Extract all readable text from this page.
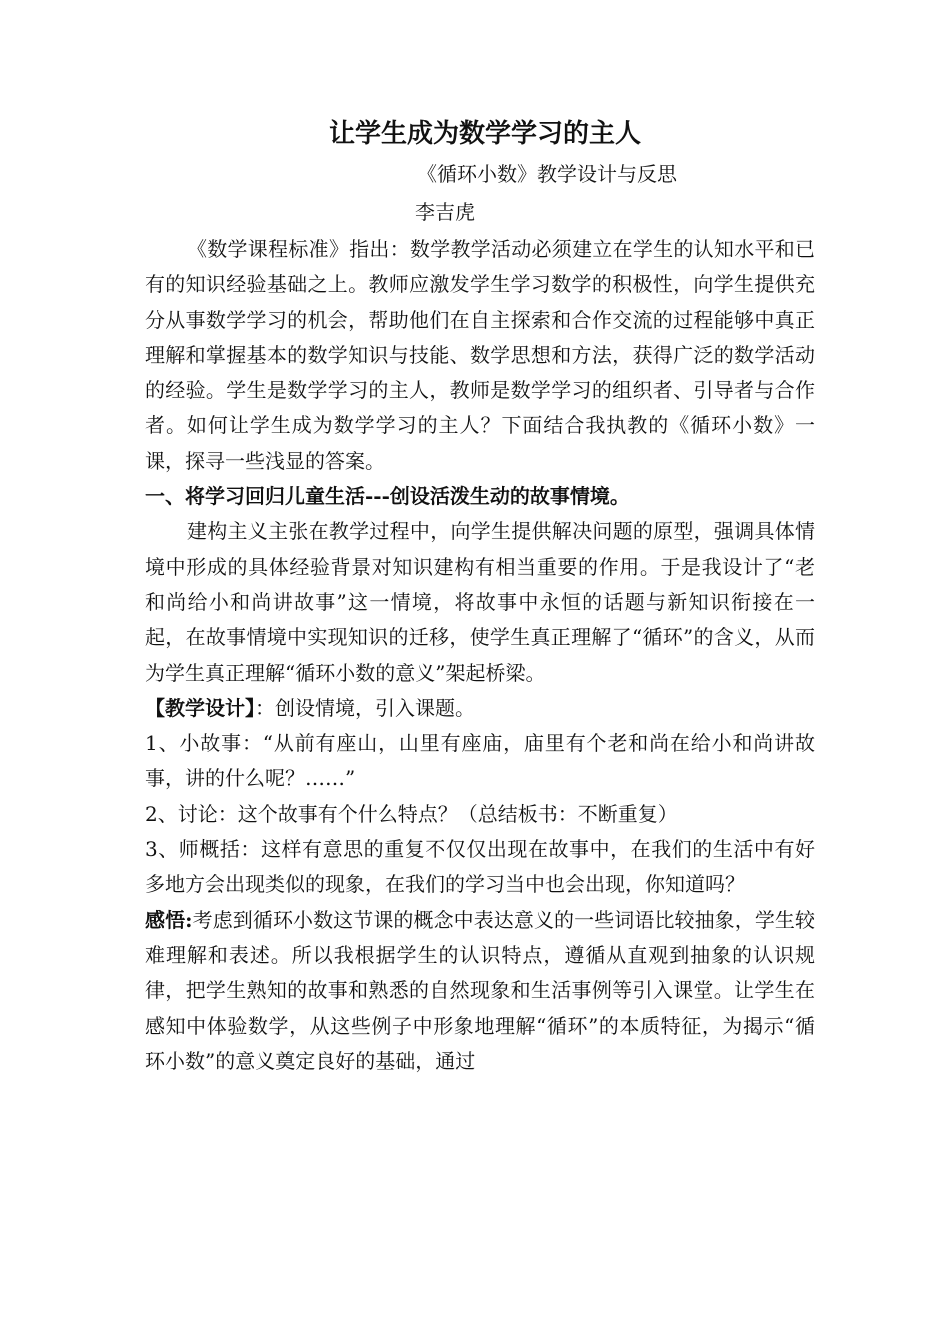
让学生成为数学学习的主人
《循环小数》教学设计与反思
李吉虎

《数学课程标准》指出：数学教学活动必须建立在学生的认知水平和已有的知识经验基础之上。教师应激发学生学习数学的积极性，向学生提供充分从事数学学习的机会，帮助他们在自主探索和合作交流的过程能够中真正理解和掌握基本的数学知识与技能、数学思想和方法，获得广泛的数学活动的经验。学生是数学学习的主人，教师是数学学习的组织者、引导者与合作者。如何让学生成为数学学习的主人？下面结合我执教的《循环小数》一课，探寻一些浅显的答案。

一、将学习回归儿童生活---创设活泼生动的故事情境。

建构主义主张在教学过程中，向学生提供解决问题的原型，强调具体情境中形成的具体经验背景对知识建构有相当重要的作用。于是我设计了“老和尚给小和尚讲故事”这一情境，将故事中永恒的话题与新知识衔接在一起，在故事情境中实现知识的迁移，使学生真正理解了“循环”的含义，从而为学生真正理解“循环小数的意义”架起桥梁。

【教学设计】：创设情境，引入课题。

1、小故事：“从前有座山，山里有座庙，庙里有个老和尚在给小和尚讲故事，讲的什么呢？……”

2、讨论：这个故事有个什么特点？（总结板书：不断重复）

3、师概括：这样有意思的重复不仅仅出现在故事中，在我们的生活中有好多地方会出现类似的现象，在我们的学习当中也会出现，你知道吗？

感悟:考虑到循环小数这节课的概念中表达意义的一些词语比较抽象，学生较难理解和表述。所以我根据学生的认识特点，遵循从直观到抽象的认识规律，把学生熟知的故事和熟悉的自然现象和生活事例等引入课堂。让学生在感知中体验数学，从这些例子中形象地理解“循环”的本质特征，为揭示“循环小数”的意义奠定良好的基础，通过
